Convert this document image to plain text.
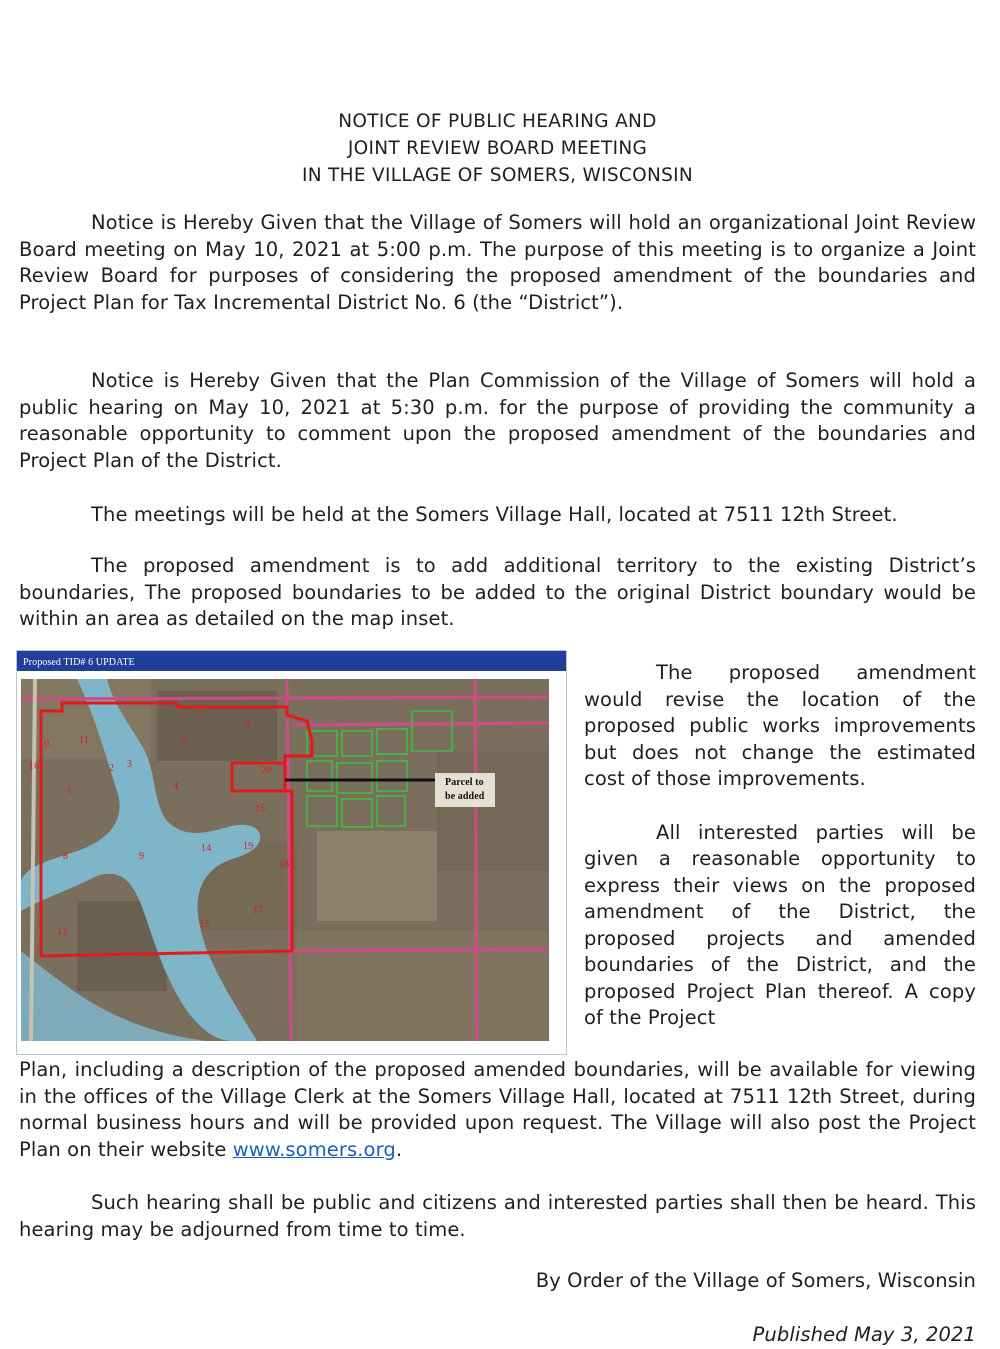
NOTICE OF PUBLIC HEARING AND
JOINT REVIEW BOARD MEETING
IN THE VILLAGE OF SOMERS, WISCONSIN

Notice is Hereby Given that the Village of Somers will hold an organizational Joint Review Board meeting on May 10, 2021 at 5:00 p.m. The purpose of this meeting is to organize a Joint Review Board for purposes of considering the proposed amendment of the boundaries and Project Plan for Tax Incremental District No. 6 (the “District”).

Notice is Hereby Given that the Plan Commission of the Village of Somers will hold a public hearing on May 10, 2021 at 5:30 p.m. for the purpose of providing the community a reasonable opportunity to comment upon the proposed amendment of the boundaries and Project Plan of the District.

The meetings will be held at the Somers Village Hall, located at 7511 12th Street.

The proposed amendment is to add additional territory to the existing District’s boundaries, The proposed boundaries to be added to the original District boundary would be within an area as detailed on the map inset.

Proposed TID# 6 UPDATE
Parcel to
be added
10	11
16	2 3
1	4
5
6
7
20
15
8	9
14	19
18
12
13
17

The proposed amendment would revise the location of the proposed public works improvements but does not change the estimated cost of those improvements.

All interested parties will be given a reasonable opportunity to express their views on the proposed amendment of the District, the proposed projects and amended boundaries of the District, and the proposed Project Plan thereof. A copy of the Project

Plan, including a description of the proposed amended boundaries, will be available for viewing in the offices of the Village Clerk at the Somers Village Hall, located at 7511 12th Street, during normal business hours and will be provided upon request. The Village will also post the Project Plan on their website www.somers.org.

Such hearing shall be public and citizens and interested parties shall then be heard. This hearing may be adjourned from time to time.

By Order of the Village of Somers, Wisconsin
Published May 3, 2021
